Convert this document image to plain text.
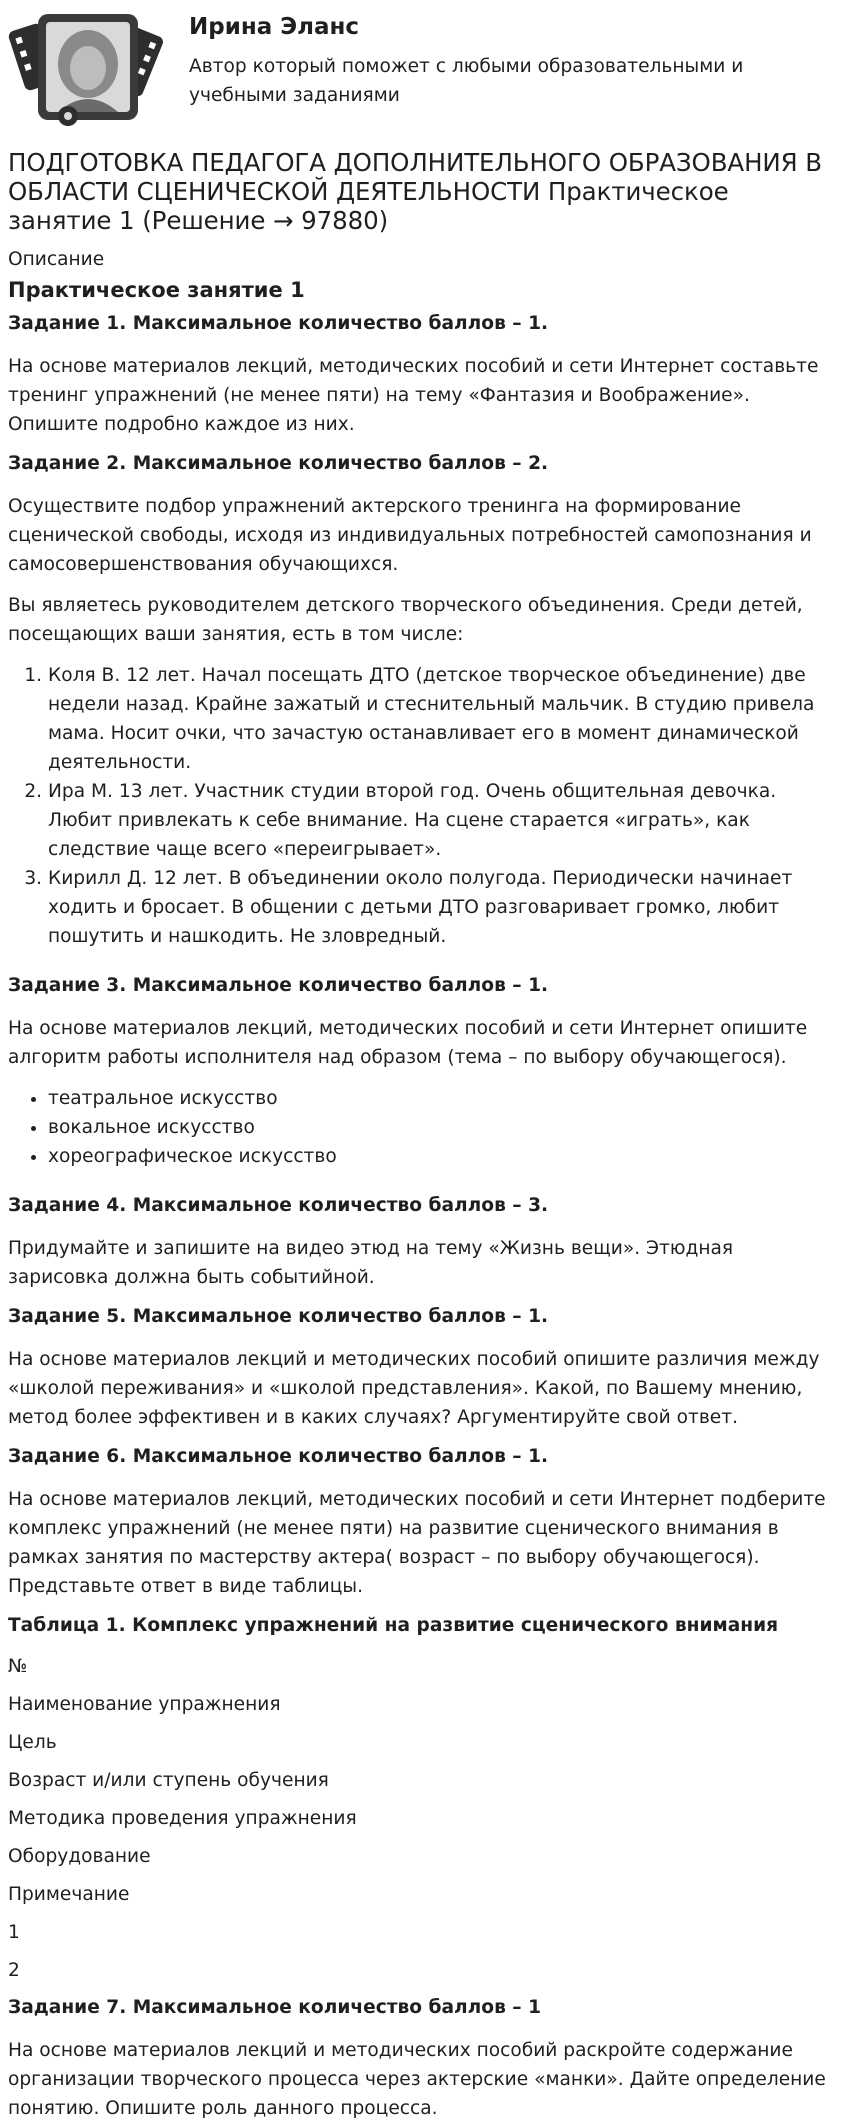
Ирина Эланс
Автор который поможет с любыми образовательными и учебными заданиями
ПОДГОТОВКА ПЕДАГОГА ДОПОЛНИТЕЛЬНОГО ОБРАЗОВАНИЯ В ОБЛАСТИ СЦЕНИЧЕСКОЙ ДЕЯТЕЛЬНОСТИ Практическое занятие 1 (Решение → 97880)
Описание
Практическое занятие 1
Задание 1. Максимальное количество баллов – 1.

На основе материалов лекций, методических пособий и сети Интернет составьте тренинг упражнений (не менее пяти) на тему «Фантазия и Воображение». Опишите подробно каждое из них.

Задание 2. Максимальное количество баллов – 2.

Осуществите подбор упражнений актерского тренинга на формирование сценической свободы, исходя из индивидуальных потребностей самопознания и самосовершенствования обучающихся.

Вы являетесь руководителем детского творческого объединения. Среди детей, посещающих ваши занятия, есть в том числе:

1. Коля В. 12 лет. Начал посещать ДТО (детское творческое объединение) две недели назад. Крайне зажатый и стеснительный мальчик. В студию привела мама. Носит очки, что зачастую останавливает его в момент динамической деятельности.
2. Ира М. 13 лет. Участник студии второй год. Очень общительная девочка. Любит привлекать к себе внимание. На сцене старается «играть», как следствие чаще всего «переигрывает».
3. Кирилл Д. 12 лет. В объединении около полугода. Периодически начинает ходить и бросает. В общении с детьми ДТО разговаривает громко, любит пошутить и нашкодить. Не зловредный.
Задание 3. Максимальное количество баллов – 1.

На основе материалов лекций, методических пособий и сети Интернет опишите алгоритм работы исполнителя над образом (тема – по выбору обучающегося).

• театральное искусство
• вокальное искусство
• хореографическое искусство
Задание 4. Максимальное количество баллов – 3.

Придумайте и запишите на видео этюд на тему «Жизнь вещи». Этюдная зарисовка должна быть событийной.

Задание 5. Максимальное количество баллов – 1.

На основе материалов лекций и методических пособий опишите различия между «школой переживания» и «школой представления». Какой, по Вашему мнению, метод более эффективен и в каких случаях? Аргументируйте свой ответ.

Задание 6. Максимальное количество баллов – 1.

На основе материалов лекций, методических пособий и сети Интернет подберите комплекс упражнений (не менее пяти) на развитие сценического внимания в рамках занятия по мастерству актера( возраст – по выбору обучающегося). Представьте ответ в виде таблицы.

Таблица 1. Комплекс упражнений на развитие сценического внимания
№
Наименование упражнения
Цель
Возраст и/или ступень обучения
Методика проведения упражнения
Оборудование
Примечание
1
2
Задание 7. Максимальное количество баллов – 1

На основе материалов лекций и методических пособий раскройте содержание организации творческого процесса через актерские «манки». Дайте определение понятию. Опишите роль данного процесса.
